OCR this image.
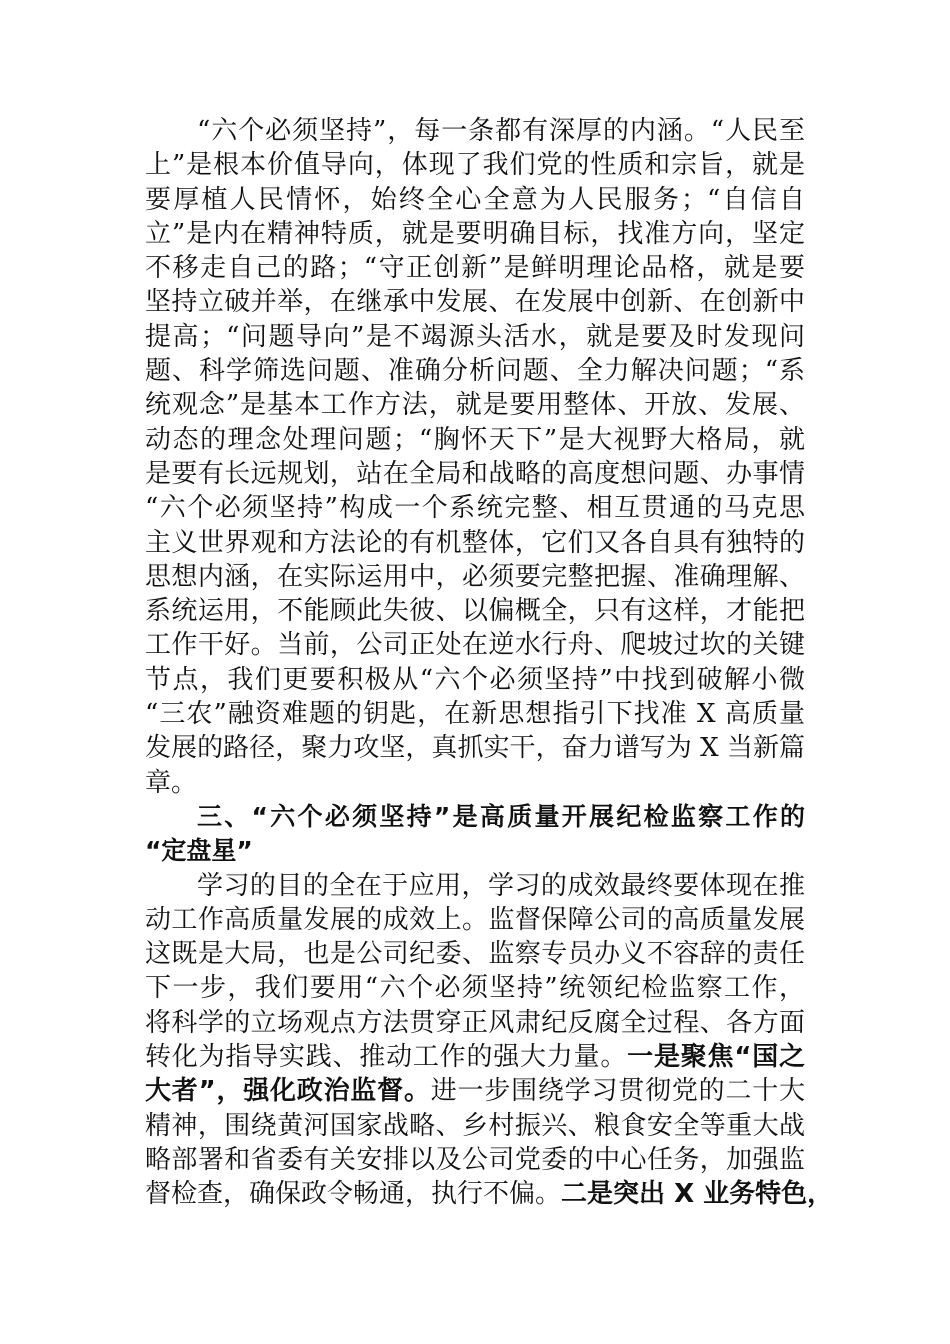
“六个必须坚持”，每一条都有深厚的内涵。“人民至
上”是根本价值导向，体现了我们党的性质和宗旨，就是
要厚植人民情怀，始终全心全意为人民服务；“自信自
立”是内在精神特质，就是要明确目标，找准方向，坚定
不移走自己的路；“守正创新”是鲜明理论品格，就是要
坚持立破并举，在继承中发展、在发展中创新、在创新中
提高；“问题导向”是不竭源头活水，就是要及时发现问
题、科学筛选问题、准确分析问题、全力解决问题；“系
统观念”是基本工作方法，就是要用整体、开放、发展、
动态的理念处理问题；“胸怀天下”是大视野大格局，就
是要有长远规划，站在全局和战略的高度想问题、办事情
“六个必须坚持”构成一个系统完整、相互贯通的马克思
主义世界观和方法论的有机整体，它们又各自具有独特的
思想内涵，在实际运用中，必须要完整把握、准确理解、
系统运用，不能顾此失彼、以偏概全，只有这样，才能把
工作干好。当前，公司正处在逆水行舟、爬坡过坎的关键
节点，我们更要积极从“六个必须坚持”中找到破解小微
“三农”融资难题的钥匙，在新思想指引下找准 X 高质量
发展的路径，聚力攻坚，真抓实干，奋力谱写为 X 当新篇
章。
三、“六个必须坚持”是高质量开展纪检监察工作的
“定盘星”
学习的目的全在于应用，学习的成效最终要体现在推
动工作高质量发展的成效上。监督保障公司的高质量发展
这既是大局，也是公司纪委、监察专员办义不容辞的责任
下一步，我们要用“六个必须坚持”统领纪检监察工作，
将科学的立场观点方法贯穿正风肃纪反腐全过程、各方面
转化为指导实践、推动工作的强大力量。一是聚焦“国之
大者”，强化政治监督。进一步围绕学习贯彻党的二十大
精神，围绕黄河国家战略、乡村振兴、粮食安全等重大战
略部署和省委有关安排以及公司党委的中心任务，加强监
督检查，确保政令畅通，执行不偏。二是突出 X 业务特色，
